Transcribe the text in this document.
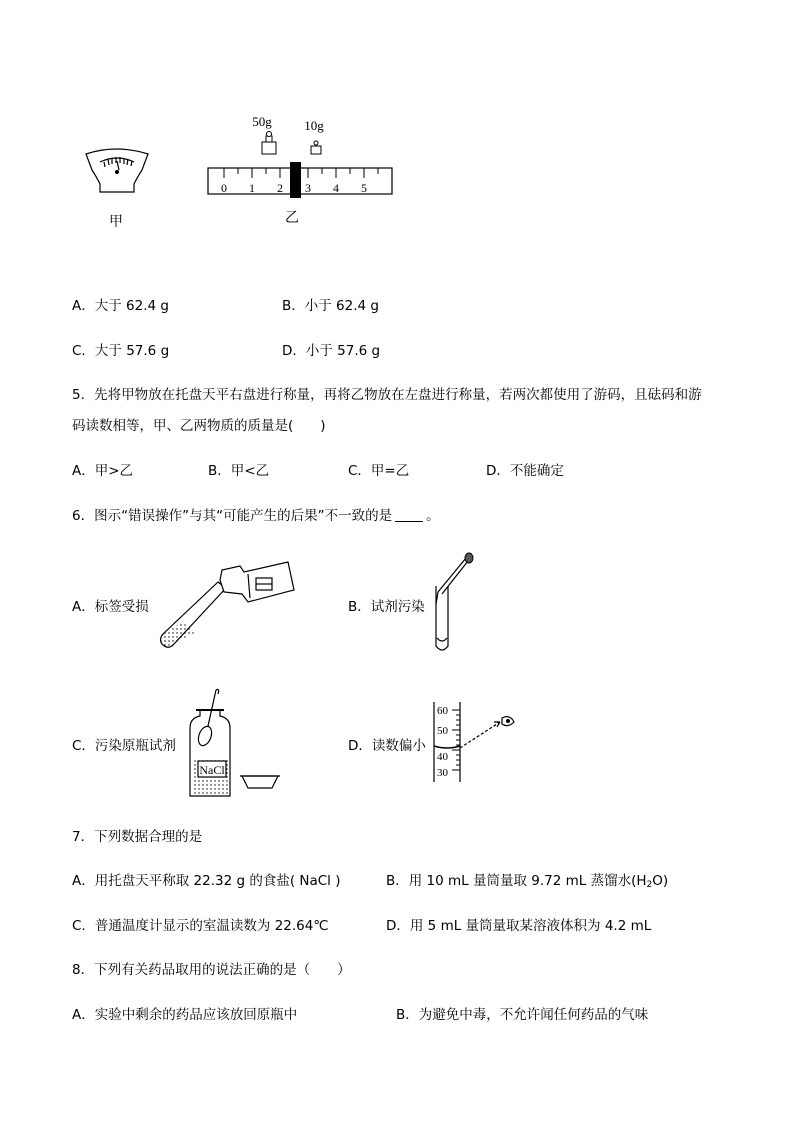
0 1 2 3 4 5
50g	10g
甲	乙
A．大于 62.4 g	B．小于 62.4 g
C．大于 57.6 g	D．小于 57.6 g
5．先将甲物放在托盘天平右盘进行称量，再将乙物放在左盘进行称量，若两次都使用了游码，且砝码和游
码读数相等，甲、乙两物质的质量是(　　)
A．甲>乙	B．甲<乙	C．甲=乙	D．不能确定
6．图示“错误操作”与其“可能产生的后果”不一致的是	。
A．标签受损	B．试剂污染
C．污染原瓶试剂
NaCl
D．读数偏小
60
50
40
30
7．下列数据合理的是
A．用托盘天平称取 22.32 g 的食盐( NaCl )	B．用 10 mL 量筒量取 9.72 mL 蒸馏水$(H_2O)$
C．普通温度计显示的室温读数为 22.64℃	D．用 5 mL 量筒量取某溶液体积为 4.2 mL
8．下列有关药品取用的说法正确的是（　　）
A．实验中剩余的药品应该放回原瓶中	B．为避免中毒，不允许闻任何药品的气味
